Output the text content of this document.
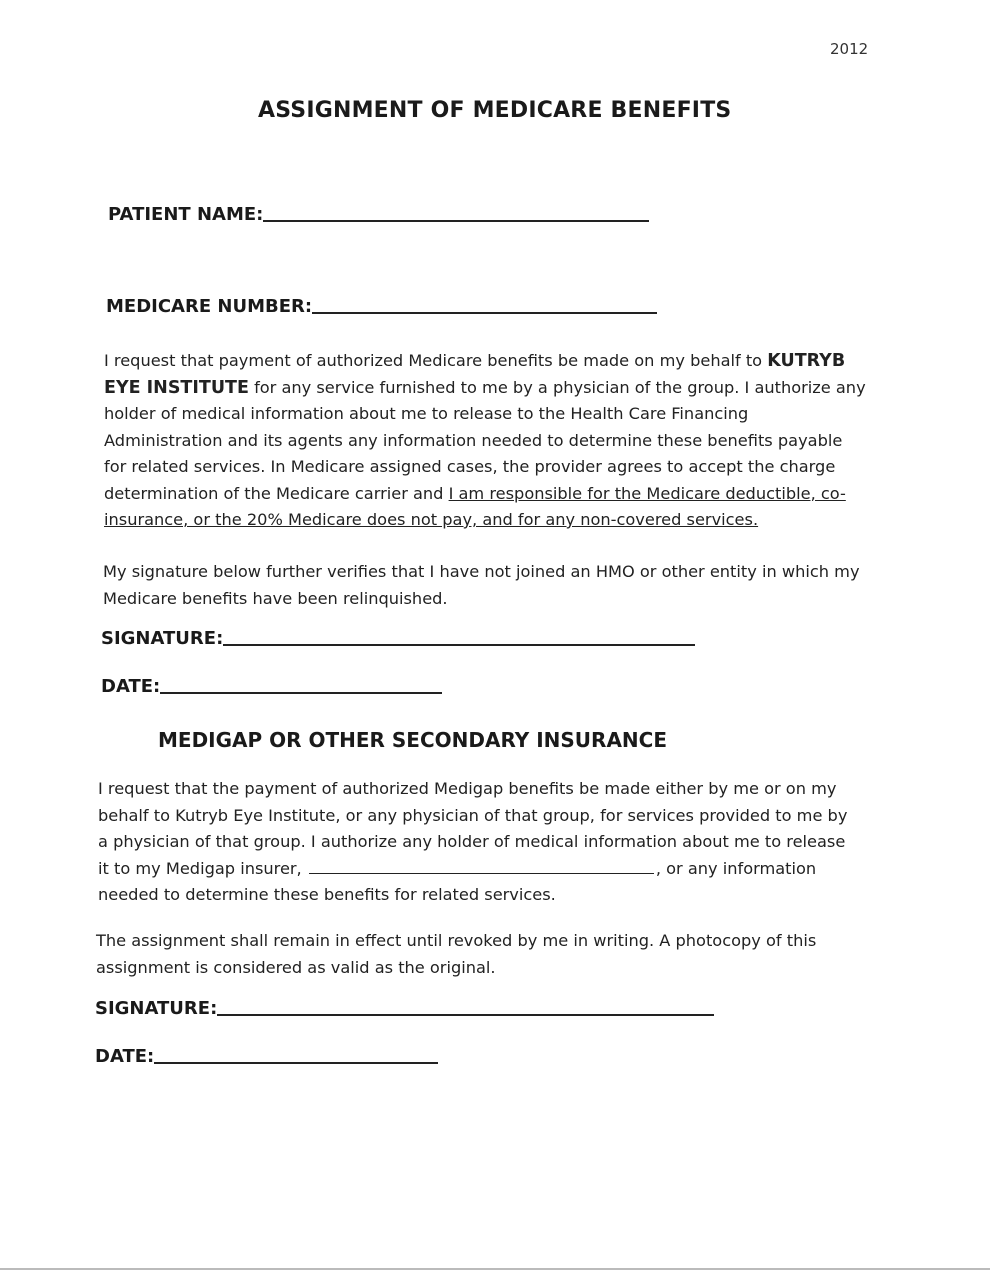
2012
ASSIGNMENT OF MEDICARE BENEFITS
PATIENT NAME:
MEDICARE NUMBER:
I request that payment of authorized Medicare benefits be made on my behalf to KUTRYB EYE INSTITUTE for any service furnished to me by a physician of the group. I authorize any holder of medical information about me to release to the Health Care Financing Administration and its agents any information needed to determine these benefits payable for related services. In Medicare assigned cases, the provider agrees to accept the charge determination of the Medicare carrier and I am responsible for the Medicare deductible, co-insurance, or the 20% Medicare does not pay, and for any non-covered services.
My signature below further verifies that I have not joined an HMO or other entity in which my Medicare benefits have been relinquished.
SIGNATURE:
DATE:
MEDIGAP OR OTHER SECONDARY INSURANCE
I request that the payment of authorized Medigap benefits be made either by me or on my behalf to Kutryb Eye Institute, or any physician of that group, for services provided to me by a physician of that group. I authorize any holder of medical information about me to release it to my Medigap insurer,	, or any information needed to determine these benefits for related services.
The assignment shall remain in effect until revoked by me in writing. A photocopy of this assignment is considered as valid as the original.
SIGNATURE:
DATE:
